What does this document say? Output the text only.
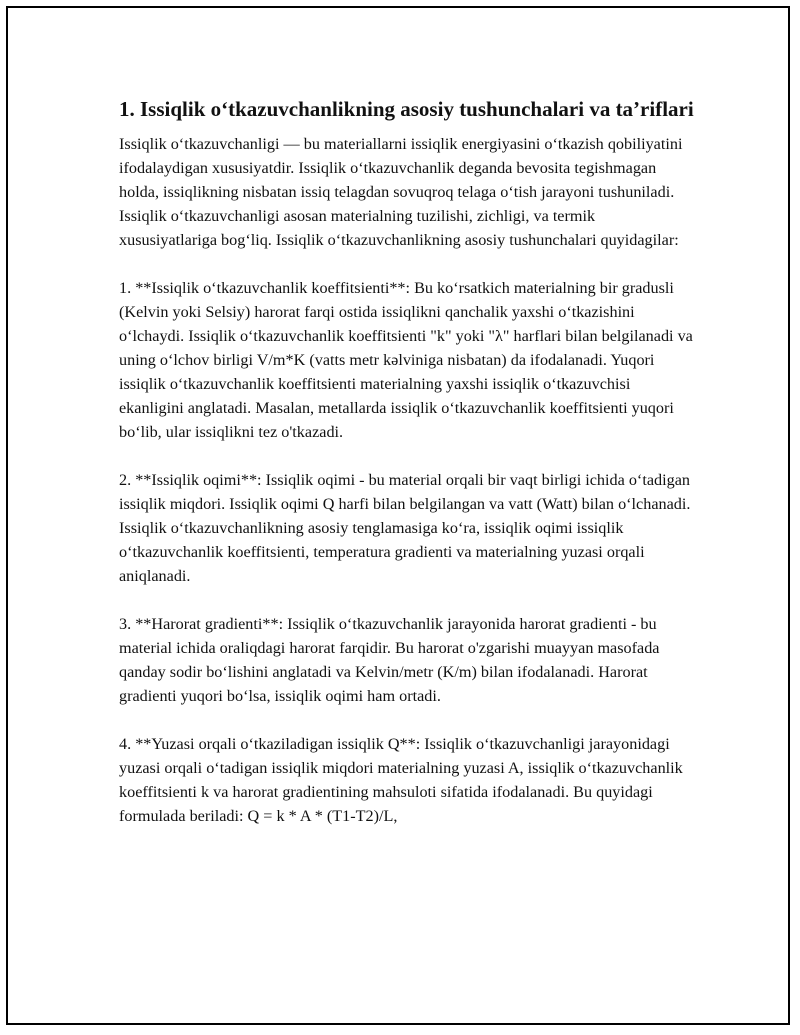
1. Issiqlik o‘tkazuvchanlikning asosiy tushunchalari va ta’riflari

Issiqlik o‘tkazuvchanligi — bu materiallarni issiqlik energiyasini o‘tkazish qobiliyatini ifodalaydigan xususiyatdir. Issiqlik o‘tkazuvchanlik deganda bevosita tegishmagan holda, issiqlikning nisbatan issiq telagdan sovuqroq telaga o‘tish jarayoni tushuniladi. Issiqlik o‘tkazuvchanligi asosan materialning tuzilishi, zichligi, va termik xususiyatlariga bog‘liq. Issiqlik o‘tkazuvchanlikning asosiy tushunchalari quyidagilar:

1. **Issiqlik o‘tkazuvchanlik koeffitsienti**: Bu ko‘rsatkich materialning bir gradusli (Kelvin yoki Selsiy) harorat farqi ostida issiqlikni qanchalik yaxshi o‘tkazishini o‘lchaydi. Issiqlik o‘tkazuvchanlik koeffitsienti "k" yoki "λ" harflari bilan belgilanadi va uning o‘lchov birligi V/m*K (vatts metr kəlviniga nisbatan) da ifodalanadi. Yuqori issiqlik o‘tkazuvchanlik koeffitsienti materialning yaxshi issiqlik o‘tkazuvchisi ekanligini anglatadi. Masalan, metallarda issiqlik o‘tkazuvchanlik koeffitsienti yuqori bo‘lib, ular issiqlikni tez o'tkazadi.

2. **Issiqlik oqimi**: Issiqlik oqimi - bu material orqali bir vaqt birligi ichida o‘tadigan issiqlik miqdori. Issiqlik oqimi Q harfi bilan belgilangan va vatt (Watt) bilan o‘lchanadi. Issiqlik o‘tkazuvchanlikning asosiy tenglamasiga ko‘ra, issiqlik oqimi issiqlik o‘tkazuvchanlik koeffitsienti, temperatura gradienti va materialning yuzasi orqali aniqlanadi.

3. **Harorat gradienti**: Issiqlik o‘tkazuvchanlik jarayonida harorat gradienti - bu material ichida oraliqdagi harorat farqidir. Bu harorat o'zgarishi muayyan masofada qanday sodir bo‘lishini anglatadi va Kelvin/metr (K/m) bilan ifodalanadi. Harorat gradienti yuqori bo‘lsa, issiqlik oqimi ham ortadi.

4. **Yuzasi orqali o‘tkaziladigan issiqlik Q**: Issiqlik o‘tkazuvchanligi jarayonidagi yuzasi orqali o‘tadigan issiqlik miqdori materialning yuzasi A, issiqlik o‘tkazuvchanlik koeffitsienti k va harorat gradientining mahsuloti sifatida ifodalanadi. Bu quyidagi formulada beriladi: Q = k * A * (T1-T2)/L,
